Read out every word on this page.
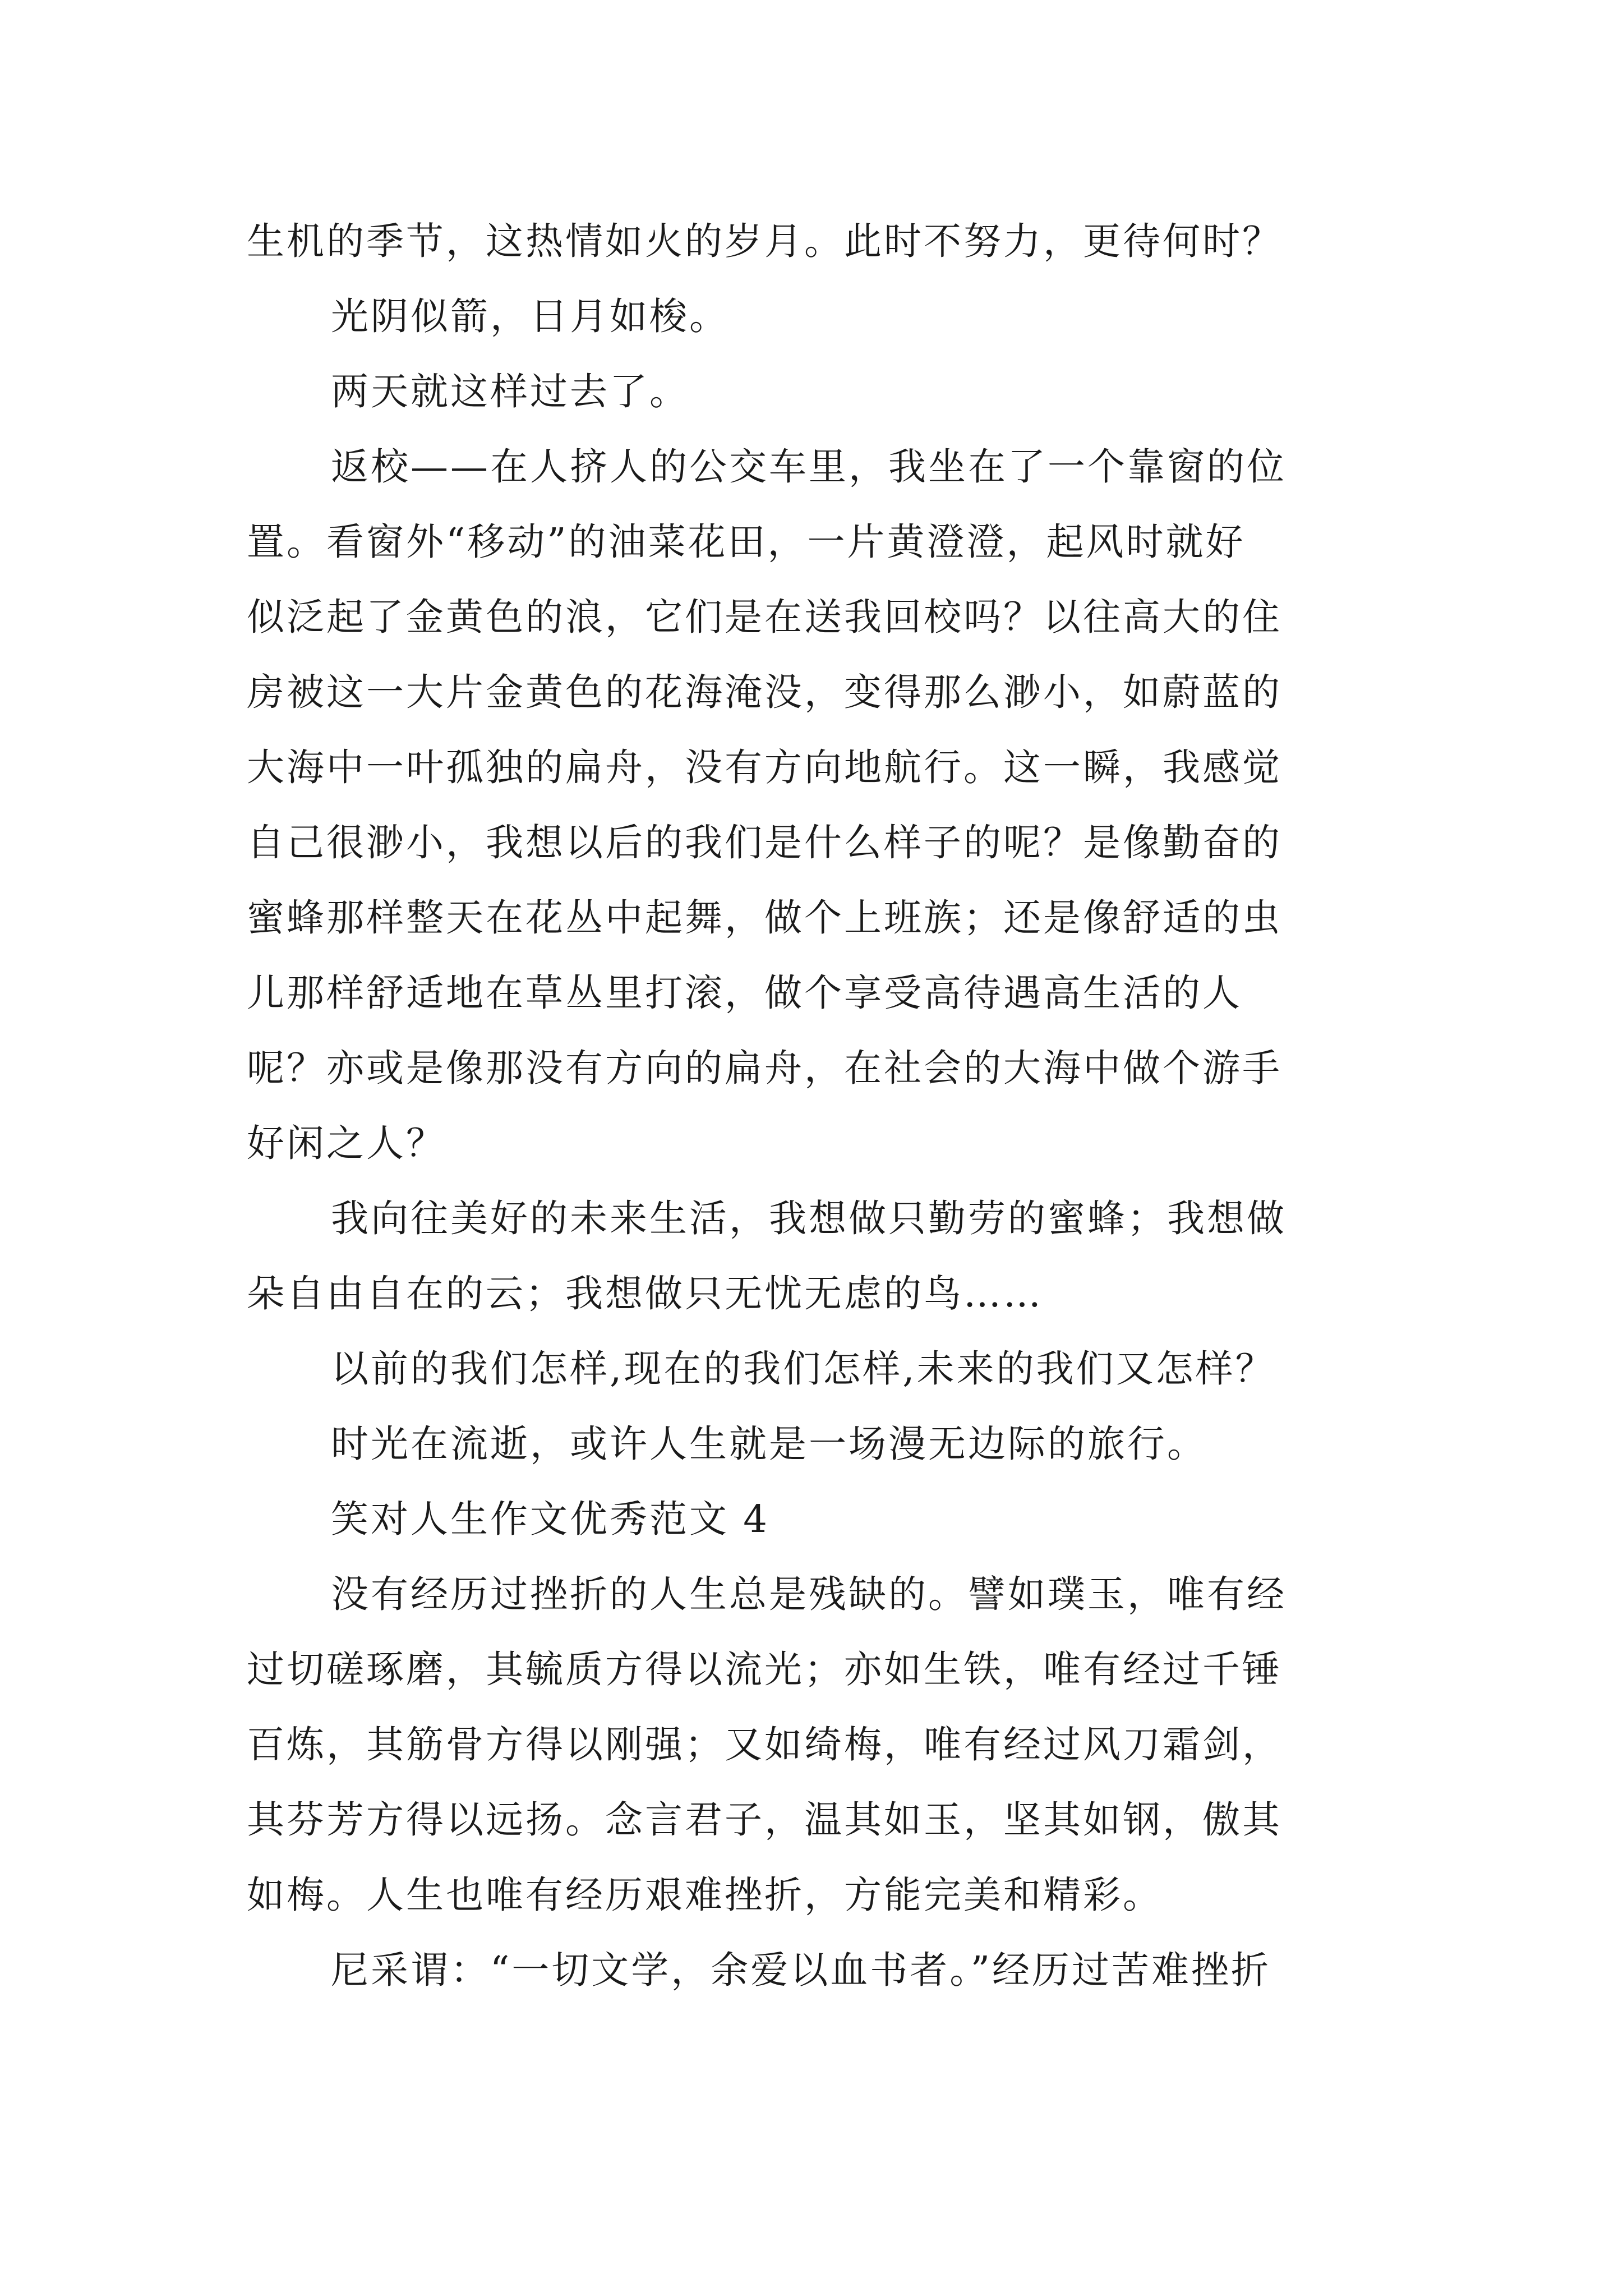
生机的季节，这热情如火的岁月。此时不努力，更待何时？
光阴似箭，日月如梭。
两天就这样过去了。
返校——在人挤人的公交车里，我坐在了一个靠窗的位
置。看窗外“移动”的油菜花田，一片黄澄澄，起风时就好
似泛起了金黄色的浪，它们是在送我回校吗？以往高大的住
房被这一大片金黄色的花海淹没，变得那么渺小，如蔚蓝的
大海中一叶孤独的扁舟，没有方向地航行。这一瞬，我感觉
自己很渺小，我想以后的我们是什么样子的呢？是像勤奋的
蜜蜂那样整天在花丛中起舞，做个上班族；还是像舒适的虫
儿那样舒适地在草丛里打滚，做个享受高待遇高生活的人
呢？亦或是像那没有方向的扁舟，在社会的大海中做个游手
好闲之人？
我向往美好的未来生活，我想做只勤劳的蜜蜂；我想做
朵自由自在的云；我想做只无忧无虑的鸟……
以前的我们怎样,现在的我们怎样,未来的我们又怎样？
时光在流逝，或许人生就是一场漫无边际的旅行。
笑对人生作文优秀范文 4
没有经历过挫折的人生总是残缺的。譬如璞玉，唯有经
过切磋琢磨，其毓质方得以流光；亦如生铁，唯有经过千锤
百炼，其筋骨方得以刚强；又如绮梅，唯有经过风刀霜剑，
其芬芳方得以远扬。念言君子，温其如玉，坚其如钢，傲其
如梅。人生也唯有经历艰难挫折，方能完美和精彩。
尼采谓：“一切文学，余爱以血书者。”经历过苦难挫折
